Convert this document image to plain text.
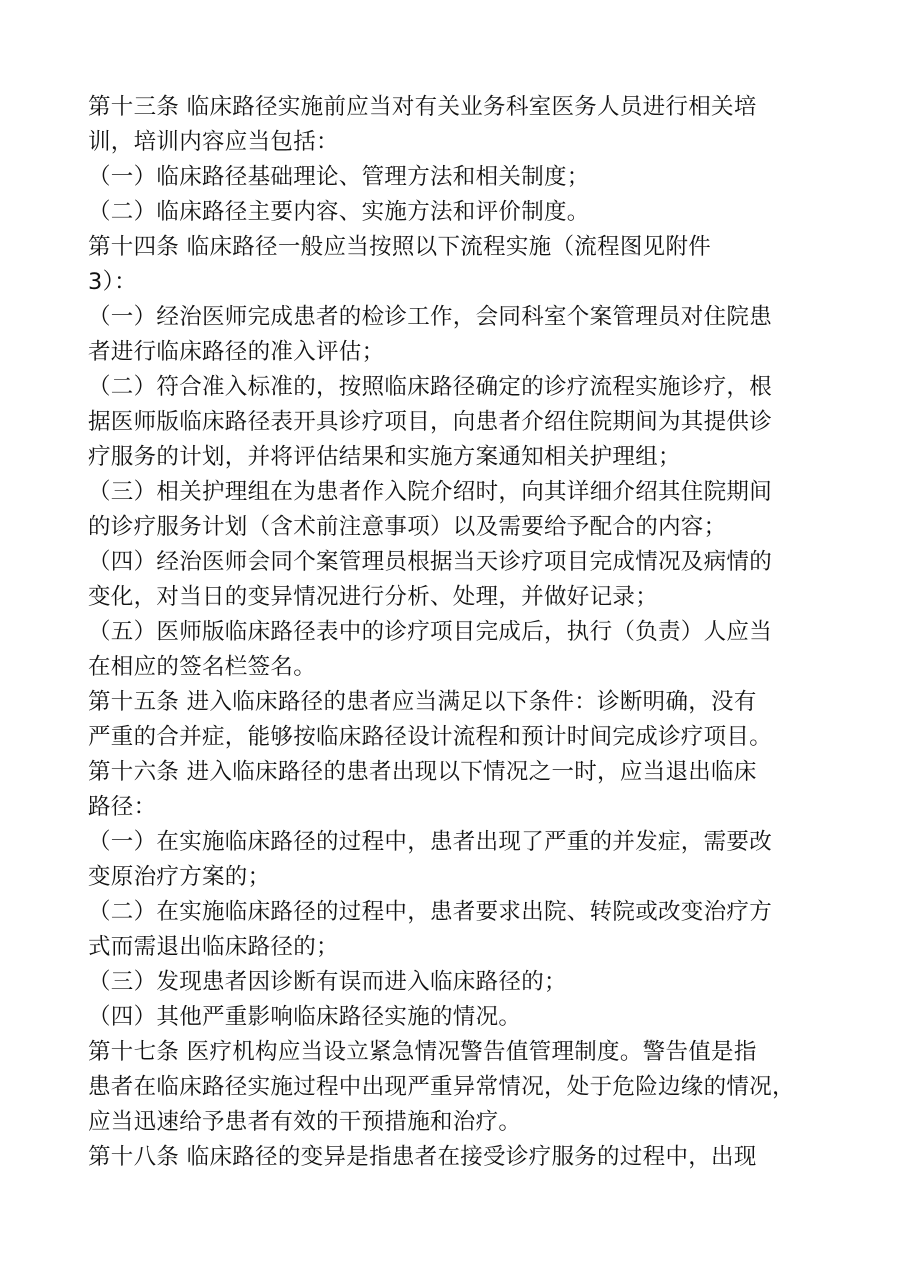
第十三条 临床路径实施前应当对有关业务科室医务人员进行相关培
训，培训内容应当包括：
（一）临床路径基础理论、管理方法和相关制度；
（二）临床路径主要内容、实施方法和评价制度。
第十四条 临床路径一般应当按照以下流程实施（流程图见附件
3）：
（一）经治医师完成患者的检诊工作，会同科室个案管理员对住院患
者进行临床路径的准入评估；
（二）符合准入标准的，按照临床路径确定的诊疗流程实施诊疗，根
据医师版临床路径表开具诊疗项目，向患者介绍住院期间为其提供诊
疗服务的计划，并将评估结果和实施方案通知相关护理组；
（三）相关护理组在为患者作入院介绍时，向其详细介绍其住院期间
的诊疗服务计划（含术前注意事项）以及需要给予配合的内容；
（四）经治医师会同个案管理员根据当天诊疗项目完成情况及病情的
变化，对当日的变异情况进行分析、处理，并做好记录；
（五）医师版临床路径表中的诊疗项目完成后，执行（负责）人应当
在相应的签名栏签名。
第十五条 进入临床路径的患者应当满足以下条件：诊断明确，没有
严重的合并症，能够按临床路径设计流程和预计时间完成诊疗项目。
第十六条 进入临床路径的患者出现以下情况之一时，应当退出临床
路径：
（一）在实施临床路径的过程中，患者出现了严重的并发症，需要改
变原治疗方案的；
（二）在实施临床路径的过程中，患者要求出院、转院或改变治疗方
式而需退出临床路径的；
（三）发现患者因诊断有误而进入临床路径的；
（四）其他严重影响临床路径实施的情况。
第十七条 医疗机构应当设立紧急情况警告值管理制度。警告值是指
患者在临床路径实施过程中出现严重异常情况，处于危险边缘的情况，
应当迅速给予患者有效的干预措施和治疗。
第十八条 临床路径的变异是指患者在接受诊疗服务的过程中，出现
